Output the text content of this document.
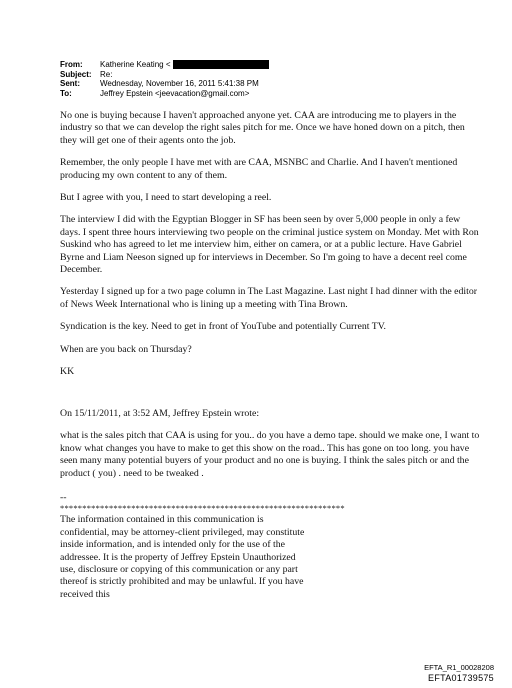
From: Katherine Keating <
Subject: Re:
Sent:	Wednesday, November 16, 2011 5:41:38 PM
To:	Jeffrey Epstein <jeevacation@gmail.com>

No one is buying because I haven't approached anyone yet. CAA are introducing me to players in the industry so that we can develop the right sales pitch for me. Once we have honed down on a pitch, then they will get one of their agents onto the job.

Remember, the only people I have met with are CAA, MSNBC and Charlie. And I haven't mentioned producing my own content to any of them.

But I agree with you, I need to start developing a reel.

The interview I did with the Egyptian Blogger in SF has been seen by over 5,000 people in only a few days. I spent three hours interviewing two people on the criminal justice system on Monday. Met with Ron Suskind who has agreed to let me interview him, either on camera, or at a public lecture. Have Gabriel Byrne and Liam Neeson signed up for interviews in December. So I'm going to have a decent reel come December.

Yesterday I signed up for a two page column in The Last Magazine. Last night I had dinner with the editor of News Week International who is lining up a meeting with Tina Brown.

Syndication is the key. Need to get in front of YouTube and potentially Current TV.

When are you back on Thursday?

KK

On 15/11/2011, at 3:52 AM, Jeffrey Epstein wrote:

what is the sales pitch that CAA is using for you.. do you have a demo tape. should we make one, I want to know what changes you have to make to get this show on the road.. This has gone on too long. you have seen many many potential buyers of your product and no one is buying. I think the sales pitch or and the product ( you) . need to be tweaked .

--
****************************************************************
The information contained in this communication is confidential, may be attorney-client privileged, may constitute inside information, and is intended only for the use of the addressee. It is the property of Jeffrey Epstein Unauthorized use, disclosure or copying of this communication or any part thereof is strictly prohibited and may be unlawful. If you have received this
EFTA_R1_00028208
EFTA01739575
